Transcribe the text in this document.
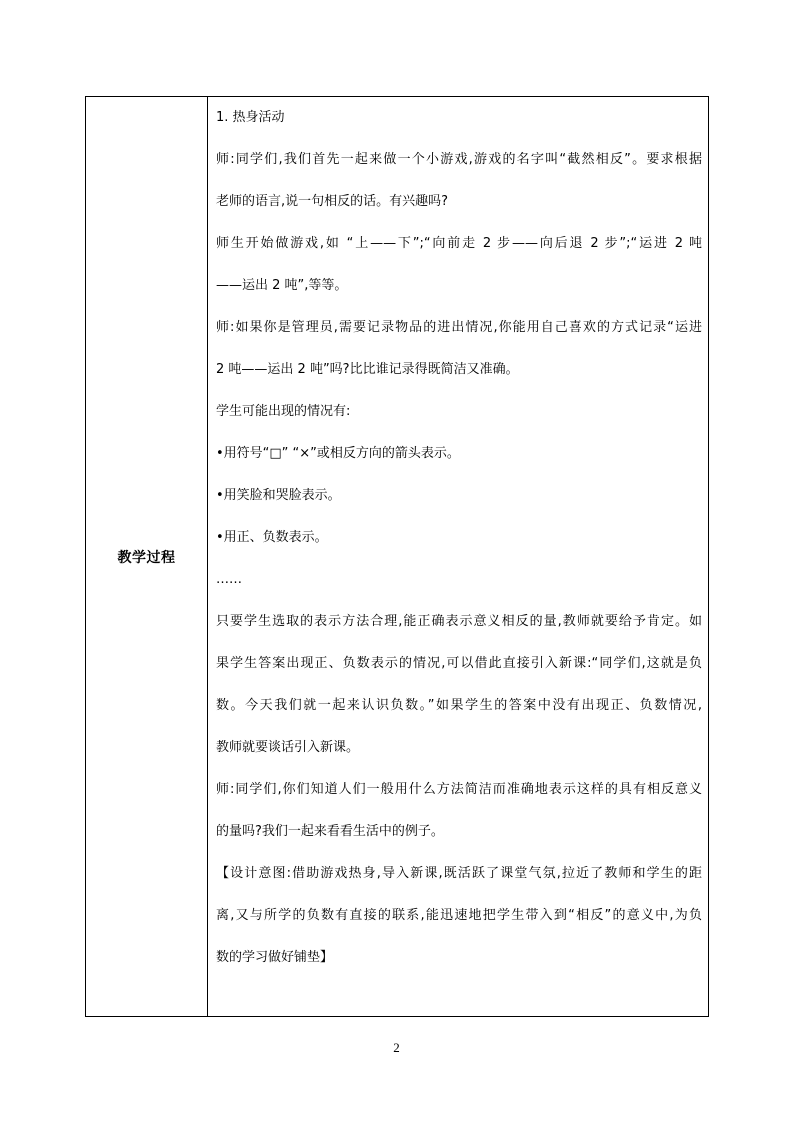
教学过程
1. 热身活动
师:同学们,我们首先一起来做一个小游戏,游戏的名字叫“截然相反”。要求根据
老师的语言,说一句相反的话。有兴趣吗?
师生开始做游戏,如 “上——下”;“向前走 2 步——向后退 2 步”;“运进 2 吨
——运出 2 吨”,等等。
师:如果你是管理员,需要记录物品的进出情况,你能用自己喜欢的方式记录“运进
2 吨——运出 2 吨”吗?比比谁记录得既简洁又准确。
学生可能出现的情况有:
•用符号“□” “×”或相反方向的箭头表示。
•用笑脸和哭脸表示。
•用正、负数表示。
……
只要学生选取的表示方法合理,能正确表示意义相反的量,教师就要给予肯定。如
果学生答案出现正、负数表示的情况,可以借此直接引入新课:“同学们,这就是负
数。今天我们就一起来认识负数。”如果学生的答案中没有出现正、负数情况,
教师就要谈话引入新课。
师:同学们,你们知道人们一般用什么方法简洁而准确地表示这样的具有相反意义
的量吗?我们一起来看看生活中的例子。
【设计意图:借助游戏热身,导入新课,既活跃了课堂气氛,拉近了教师和学生的距
离,又与所学的负数有直接的联系,能迅速地把学生带入到“相反”的意义中,为负
数的学习做好铺垫】
2
